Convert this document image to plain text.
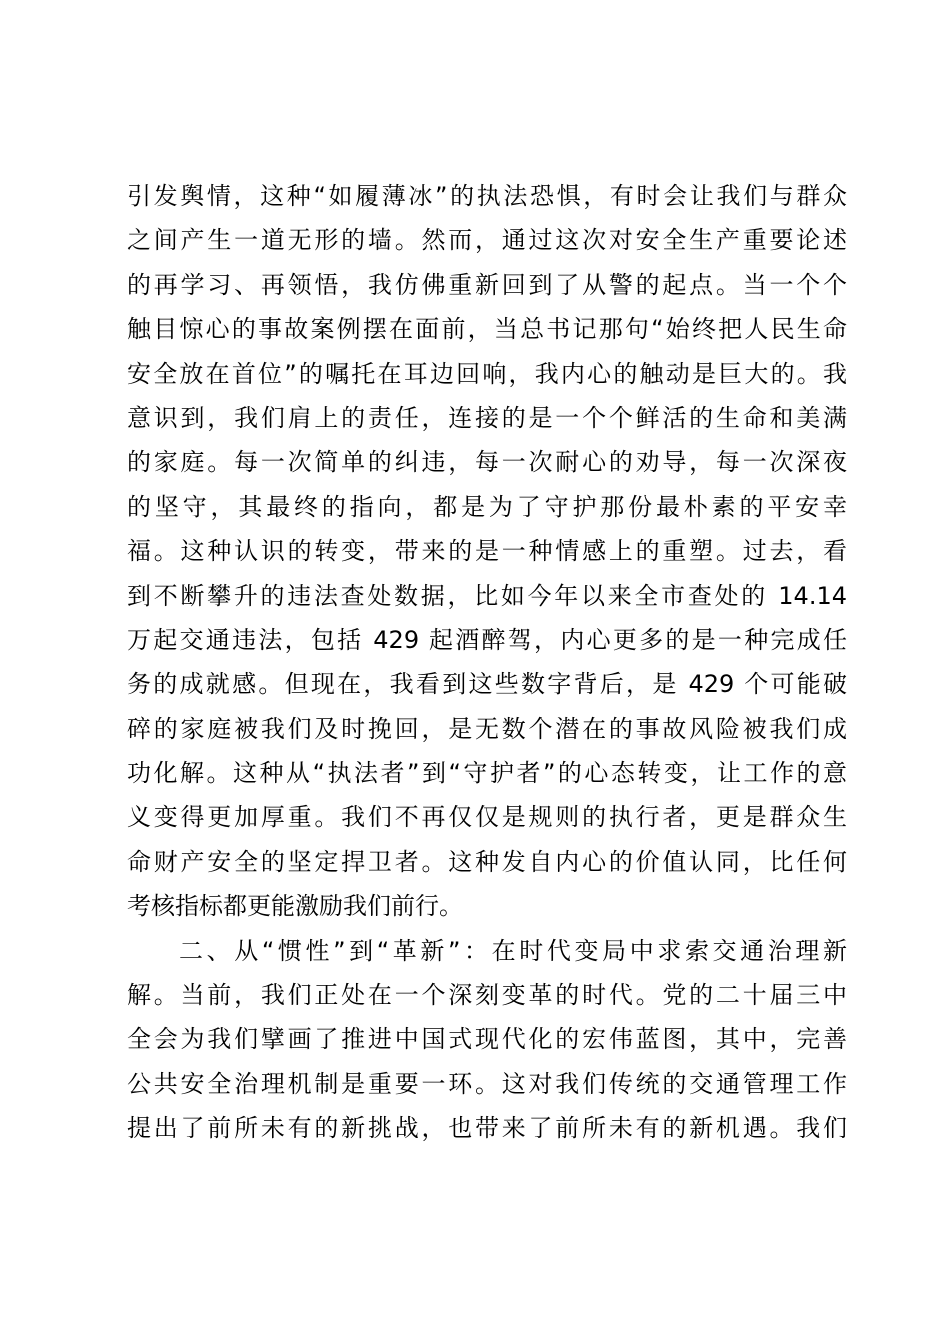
引发舆情，这种“如履薄冰”的执法恐惧，有时会让我们与群众
之间产生一道无形的墙。然而，通过这次对安全生产重要论述
的再学习、再领悟，我仿佛重新回到了从警的起点。当一个个
触目惊心的事故案例摆在面前，当总书记那句“始终把人民生命
安全放在首位”的嘱托在耳边回响，我内心的触动是巨大的。我
意识到，我们肩上的责任，连接的是一个个鲜活的生命和美满
的家庭。每一次简单的纠违，每一次耐心的劝导，每一次深夜
的坚守，其最终的指向，都是为了守护那份最朴素的平安幸
福。这种认识的转变，带来的是一种情感上的重塑。过去，看
到不断攀升的违法查处数据，比如今年以来全市查处的 14.14
万起交通违法，包括 429 起酒醉驾，内心更多的是一种完成任
务的成就感。但现在，我看到这些数字背后，是 429 个可能破
碎的家庭被我们及时挽回，是无数个潜在的事故风险被我们成
功化解。这种从“执法者”到“守护者”的心态转变，让工作的意
义变得更加厚重。我们不再仅仅是规则的执行者，更是群众生
命财产安全的坚定捍卫者。这种发自内心的价值认同，比任何
考核指标都更能激励我们前行。
二、从“惯性”到“革新”：在时代变局中求索交通治理新
解。当前，我们正处在一个深刻变革的时代。党的二十届三中
全会为我们擘画了推进中国式现代化的宏伟蓝图，其中，完善
公共安全治理机制是重要一环。这对我们传统的交通管理工作
提出了前所未有的新挑战，也带来了前所未有的新机遇。我们
